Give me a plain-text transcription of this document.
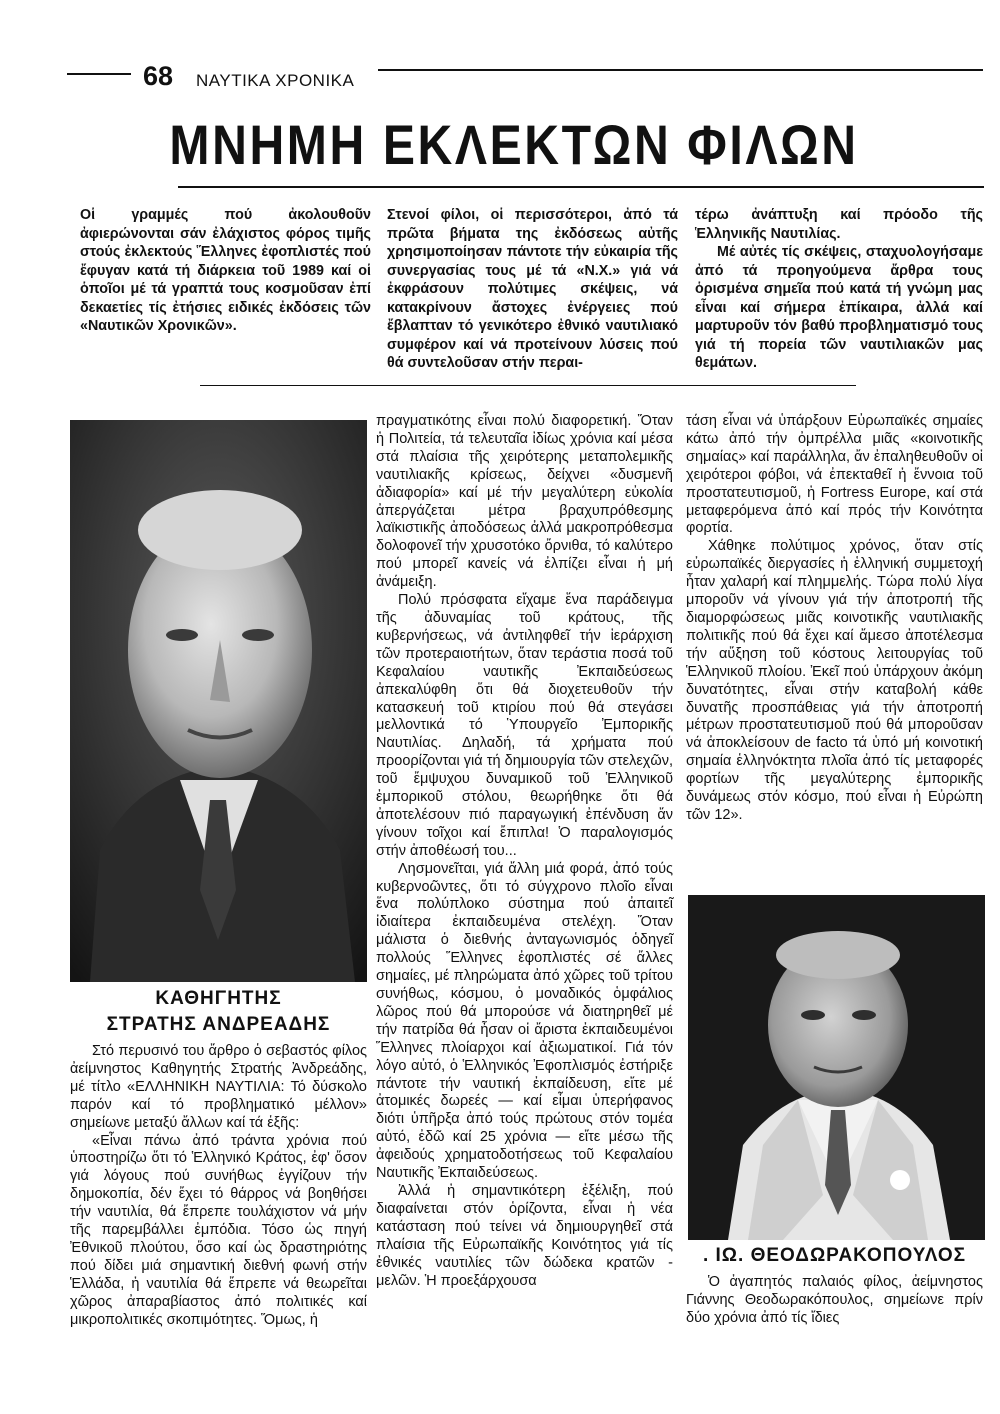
68 ΝΑΥΤΙΚΑ ΧΡΟΝΙΚΑ
ΜΝΗΜΗ ΕΚΛΕΚΤΩΝ ΦΙΛΩΝ

Οἱ γραμμές πού ἀκολουθοῦν ἀφιερώνονται σάν ἐλάχιστος φόρος τιμῆς στούς ἐκλεκτούς Ἕλληνες ἐφοπλιστές πού ἔφυγαν κατά τή διάρκεια τοῦ 1989 καί οἱ ὁποῖοι μέ τά γραπτά τους κοσμοῦσαν ἐπί δεκαετίες τίς ἐτήσιες ειδικές ἐκδόσεις τῶν «Ναυτικῶν Χρονικῶν».

Στενοί φίλοι, οἱ περισσότεροι, ἀπό τά πρῶτα βήματα της ἐκδόσεως αὐτῆς χρησιμοποίησαν πάντοτε τήν εὐκαιρία τῆς συνεργασίας τους μέ τά «Ν.Χ.» γιά νά ἐκφράσουν πολύτιμες σκέψεις, νά κατακρίνουν ἄστοχες ἐνέργειες πού ἔβλαπταν τό γενικότερο ἐθνικό ναυτιλιακό συμφέρον καί νά προτείνουν λύσεις πού θά συντελοῦσαν στήν περαι-

τέρω ἀνάπτυξη καί πρόοδο τῆς Ἑλληνικῆς Ναυτιλίας.

Μέ αὐτές τίς σκέψεις, σταχυολογήσαμε ἀπό τά προηγούμενα ἄρθρα τους ὁρισμένα σημεῖα πού κατά τή γνώμη μας εἶναι καί σήμερα ἐπίκαιρα, ἀλλά καί μαρτυροῦν τόν βαθύ προβληματισμό τους γιά τή πορεία τῶν ναυτιλιακῶν μας θεμάτων.

ΚΑΘΗΓΗΤΗΣ
ΣΤΡΑΤΗΣ ΑΝΔΡΕΑΔΗΣ

Στό περυσινό του ἄρθρο ὁ σεβαστός φίλος ἀείμνηστος Καθηγητής Στρατής Ἀνδρεάδης, μέ τίτλο «ΕΛΛΗΝΙΚΗ ΝΑΥΤΙΛΙΑ: Τό δύσκολο παρόν καί τό προβληματικό μέλλον» σημείωνε μεταξύ ἄλλων καί τά ἑξῆς:

«Εἶναι πάνω ἀπό τράντα χρόνια πού ὑποστηρίζω ὅτι τό Ἑλληνικό Κράτος, ἐφ' ὅσον γιά λόγους πού συνήθως ἐγγίζουν τήν δημοκοπία, δέν ἔχει τό θάρρος νά βοηθήσει τήν ναυτιλία, θά ἔπρεπε τουλάχιστον νά μήν τῆς παρεμβάλλει ἐμπόδια. Τόσο ὡς πηγή Ἐθνικοῦ πλούτου, ὅσο καί ὡς δραστηριότης πού δίδει μιά σημαντική διεθνή φωνή στήν Ἑλλάδα, ἡ ναυτιλία θά ἔπρεπε νά θεωρεῖται χῶρος ἀπαραβίαστος ἀπό πολιτικές καί μικροπολιτικές σκοπιμότητες. Ὅμως, ἡ

πραγματικότης εἶναι πολύ διαφορετική. Ὅταν ἡ Πολιτεία, τά τελευταῖα ἰδίως χρόνια καί μέσα στά πλαίσια τῆς χειρότερης μεταπολεμικῆς ναυτιλιακῆς κρίσεως, δείχνει «δυσμενῆ ἀδιαφορία» καί μέ τήν μεγαλύτερη εὐκολία ἀπεργάζεται μέτρα βραχυπρόθεσμης λαϊκιστικῆς ἀποδόσεως ἀλλά μακροπρόθεσμα δολοφονεῖ τήν χρυσοτόκο ὄρνιθα, τό καλύτερο πού μπορεῖ κανείς νά ἐλπίζει εἶναι ἡ μή ἀνάμειξη.

Πολύ πρόσφατα εἴχαμε ἕνα παράδειγμα τῆς ἀδυναμίας τοῦ κράτους, τῆς κυβερνήσεως, νά ἀντιληφθεῖ τήν ἱεράρχιση τῶν προτεραιοτήτων, ὅταν τεράστια ποσά τοῦ Κεφαλαίου ναυτικῆς Ἐκπαιδεύσεως ἀπεκαλύφθη ὅτι θά διοχετευθοῦν τήν κατασκευή τοῦ κτιρίου πού θά στεγάσει μελλοντικά τό Ὑπουργεῖο Ἐμπορικῆς Ναυτιλίας. Δηλαδή, τά χρήματα πού προορίζονται γιά τή δημιουργία τῶν στελεχῶν, τοῦ ἔμψυχου δυναμικοῦ τοῦ Ἑλληνικοῦ ἐμπορικοῦ στόλου, θεωρήθηκε ὅτι θά ἀποτελέσουν πιό παραγωγική ἐπένδυση ἄν γίνουν τοῖχοι καί ἔπιπλα! Ὁ παραλογισμός στήν ἀποθέωσή του...

Λησμονεῖται, γιά ἄλλη μιά φορά, ἀπό τούς κυβερνοῶντες, ὅτι τό σύγχρονο πλοῖο εἶναι ἕνα πολύπλοκο σύστημα πού ἀπαιτεῖ ἰδιαίτερα ἐκπαιδευμένα στελέχη. Ὅταν μάλιστα ὁ διεθνής ἀνταγωνισμός ὁδηγεῖ πολλούς Ἕλληνες ἐφοπλιστές σέ ἄλλες σημαίες, μέ πληρώματα ἀπό χῶρες τοῦ τρίτου συνήθως, κόσμου, ὁ μοναδικός ὁμφάλιος λῶρος πού θά μπορούσε νά διατηρηθεῖ μέ τήν πατρίδα θά ἦσαν οἱ ἄριστα ἐκπαιδευμένοι Ἕλληνες πλοίαρχοι καί ἀξιωματικοί. Γιά τόν λόγο αὐτό, ὁ Ἑλληνικός Ἐφοπλισμός ἐστήριξε πάντοτε τήν ναυτική ἐκπαίδευση, εἴτε μέ ἀτομικές δωρεές — καί εἶμαι ὑπερήφανος διότι ὑπῆρξα ἀπό τούς πρώτους στόν τομέα αὐτό, ἐδῶ καί 25 χρόνια — εἴτε μέσω τῆς ἀφειδούς χρηματοδοτήσεως τοῦ Κεφαλαίου Ναυτικῆς Ἐκπαιδεύσεως.

Ἀλλά ἡ σημαντικότερη ἐξέλιξη, πού διαφαίνεται στόν ὁρίζοντα, εἶναι ἡ νέα κατάσταση πού τείνει νά δημιουργηθεῖ στά πλαίσια τῆς Εὐρωπαϊκῆς Κοινότητος γιά τίς ἐθνικές ναυτιλίες τῶν δώδεκα κρατῶν - μελῶν. Ἡ προεξάρχουσα

τάση εἶναι νά ὑπάρξουν Εὐρωπαϊκές σημαίες κάτω ἀπό τήν ὀμπρέλλα μιᾶς «κοινοτικῆς σημαίας» καί παράλληλα, ἄν ἐπαληθευθοῦν οἱ χειρότεροι φόβοι, νά ἐπεκταθεῖ ἡ ἔννοια τοῦ προστατευτισμοῦ, ἡ Fortress Europe, καί στά μεταφερόμενα ἀπό καί πρός τήν Κοινότητα φορτία.

Χάθηκε πολύτιμος χρόνος, ὅταν στίς εὐρωπαϊκές διεργασίες ἡ ἑλληνική συμμετοχή ἦταν χαλαρή καί πλημμελής. Τώρα πολύ λίγα μποροῦν νά γίνουν γιά τήν ἀποτροπή τῆς διαμορφώσεως μιᾶς κοινοτικῆς ναυτιλιακῆς πολιτικῆς πού θά ἔχει καί ἄμεσο ἀποτέλεσμα τήν αὔξηση τοῦ κόστους λειτουργίας τοῦ Ἑλληνικοῦ πλοίου. Ἐκεῖ πού ὑπάρχουν ἀκόμη δυνατότητες, εἶναι στήν καταβολή κάθε δυνατῆς προσπάθειας γιά τήν ἀποτροπή μέτρων προστατευτισμοῦ πού θά μποροῦσαν νά ἀποκλείσουν de facto τά ὑπό μή κοινοτική σημαία ἑλληνόκτητα πλοῖα ἀπό τίς μεταφορές φορτίων τῆς μεγαλύτερης ἐμπορικῆς δυνάμεως στόν κόσμο, πού εἶναι ἡ Εὐρώπη τῶν 12».

. ΙΩ. ΘΕΟΔΩΡΑΚΟΠΟΥΛΟΣ

Ὁ ἀγαπητός παλαιός φίλος, ἀείμνηστος Γιάννης Θεοδωρακόπουλος, σημείωνε πρίν δύο χρόνια ἀπό τίς ἴδιες
